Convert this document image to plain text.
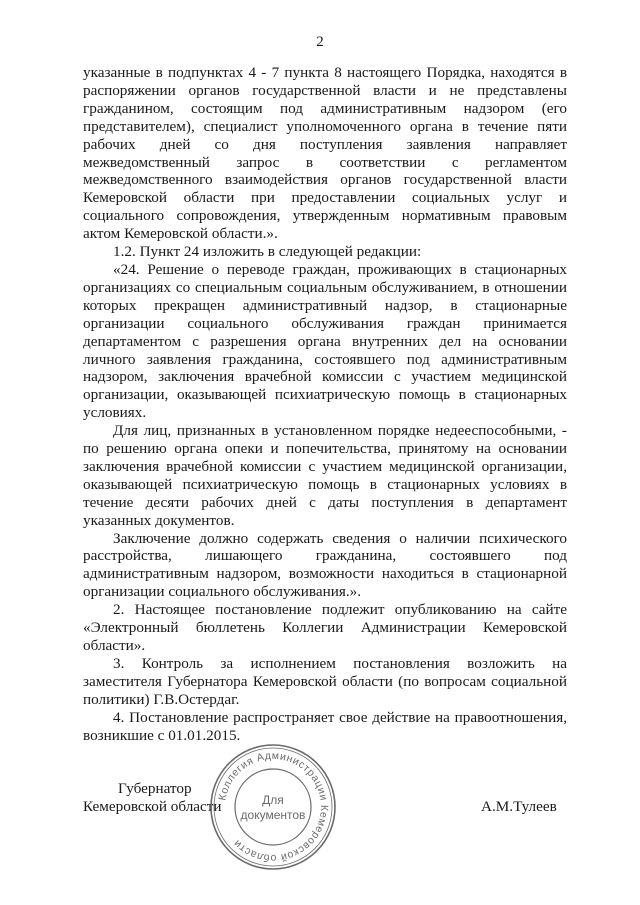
2

указанные в подпунктах 4 - 7 пункта 8 настоящего Порядка, находятся в распоряжении органов государственной власти и не представлены гражданином, состоящим под административным надзором (его представителем), специалист уполномоченного органа в течение пяти рабочих дней со дня поступления заявления направляет межведомственный запрос в соответствии с регламентом межведомственного взаимодействия органов государственной власти Кемеровской области при предоставлении социальных услуг и социального сопровождения, утвержденным нормативным правовым актом Кемеровской области.».

1.2. Пункт 24 изложить в следующей редакции:

«24. Решение о переводе граждан, проживающих в стационарных организациях со специальным социальным обслуживанием, в отношении которых прекращен административный надзор, в стационарные организации социального обслуживания граждан принимается департаментом с разрешения органа внутренних дел на основании личного заявления гражданина, состоявшего под административным надзором, заключения врачебной комиссии с участием медицинской организации, оказывающей психиатрическую помощь в стационарных условиях.

Для лиц, признанных в установленном порядке недееспособными, - по решению органа опеки и попечительства, принятому на основании заключения врачебной комиссии с участием медицинской организации, оказывающей психиатрическую помощь в стационарных условиях в течение десяти рабочих дней с даты поступления в департамент указанных документов.

Заключение должно содержать сведения о наличии психического расстройства, лишающего гражданина, состоявшего под административным надзором, возможности находиться в стационарной организации социального обслуживания.».

2. Настоящее постановление подлежит опубликованию на сайте «Электронный бюллетень Коллегии Администрации Кемеровской области».

3. Контроль за исполнением постановления возложить на заместителя Губернатора Кемеровской области (по вопросам социальной политики) Г.В.Остердаг.

4. Постановление распространяет свое действие на правоотношения, возникшие с 01.01.2015.

Губернатор
Кемеровской области	А.М.Тулеев
Коллегия Администрации Кемеровской области
Для
документов
